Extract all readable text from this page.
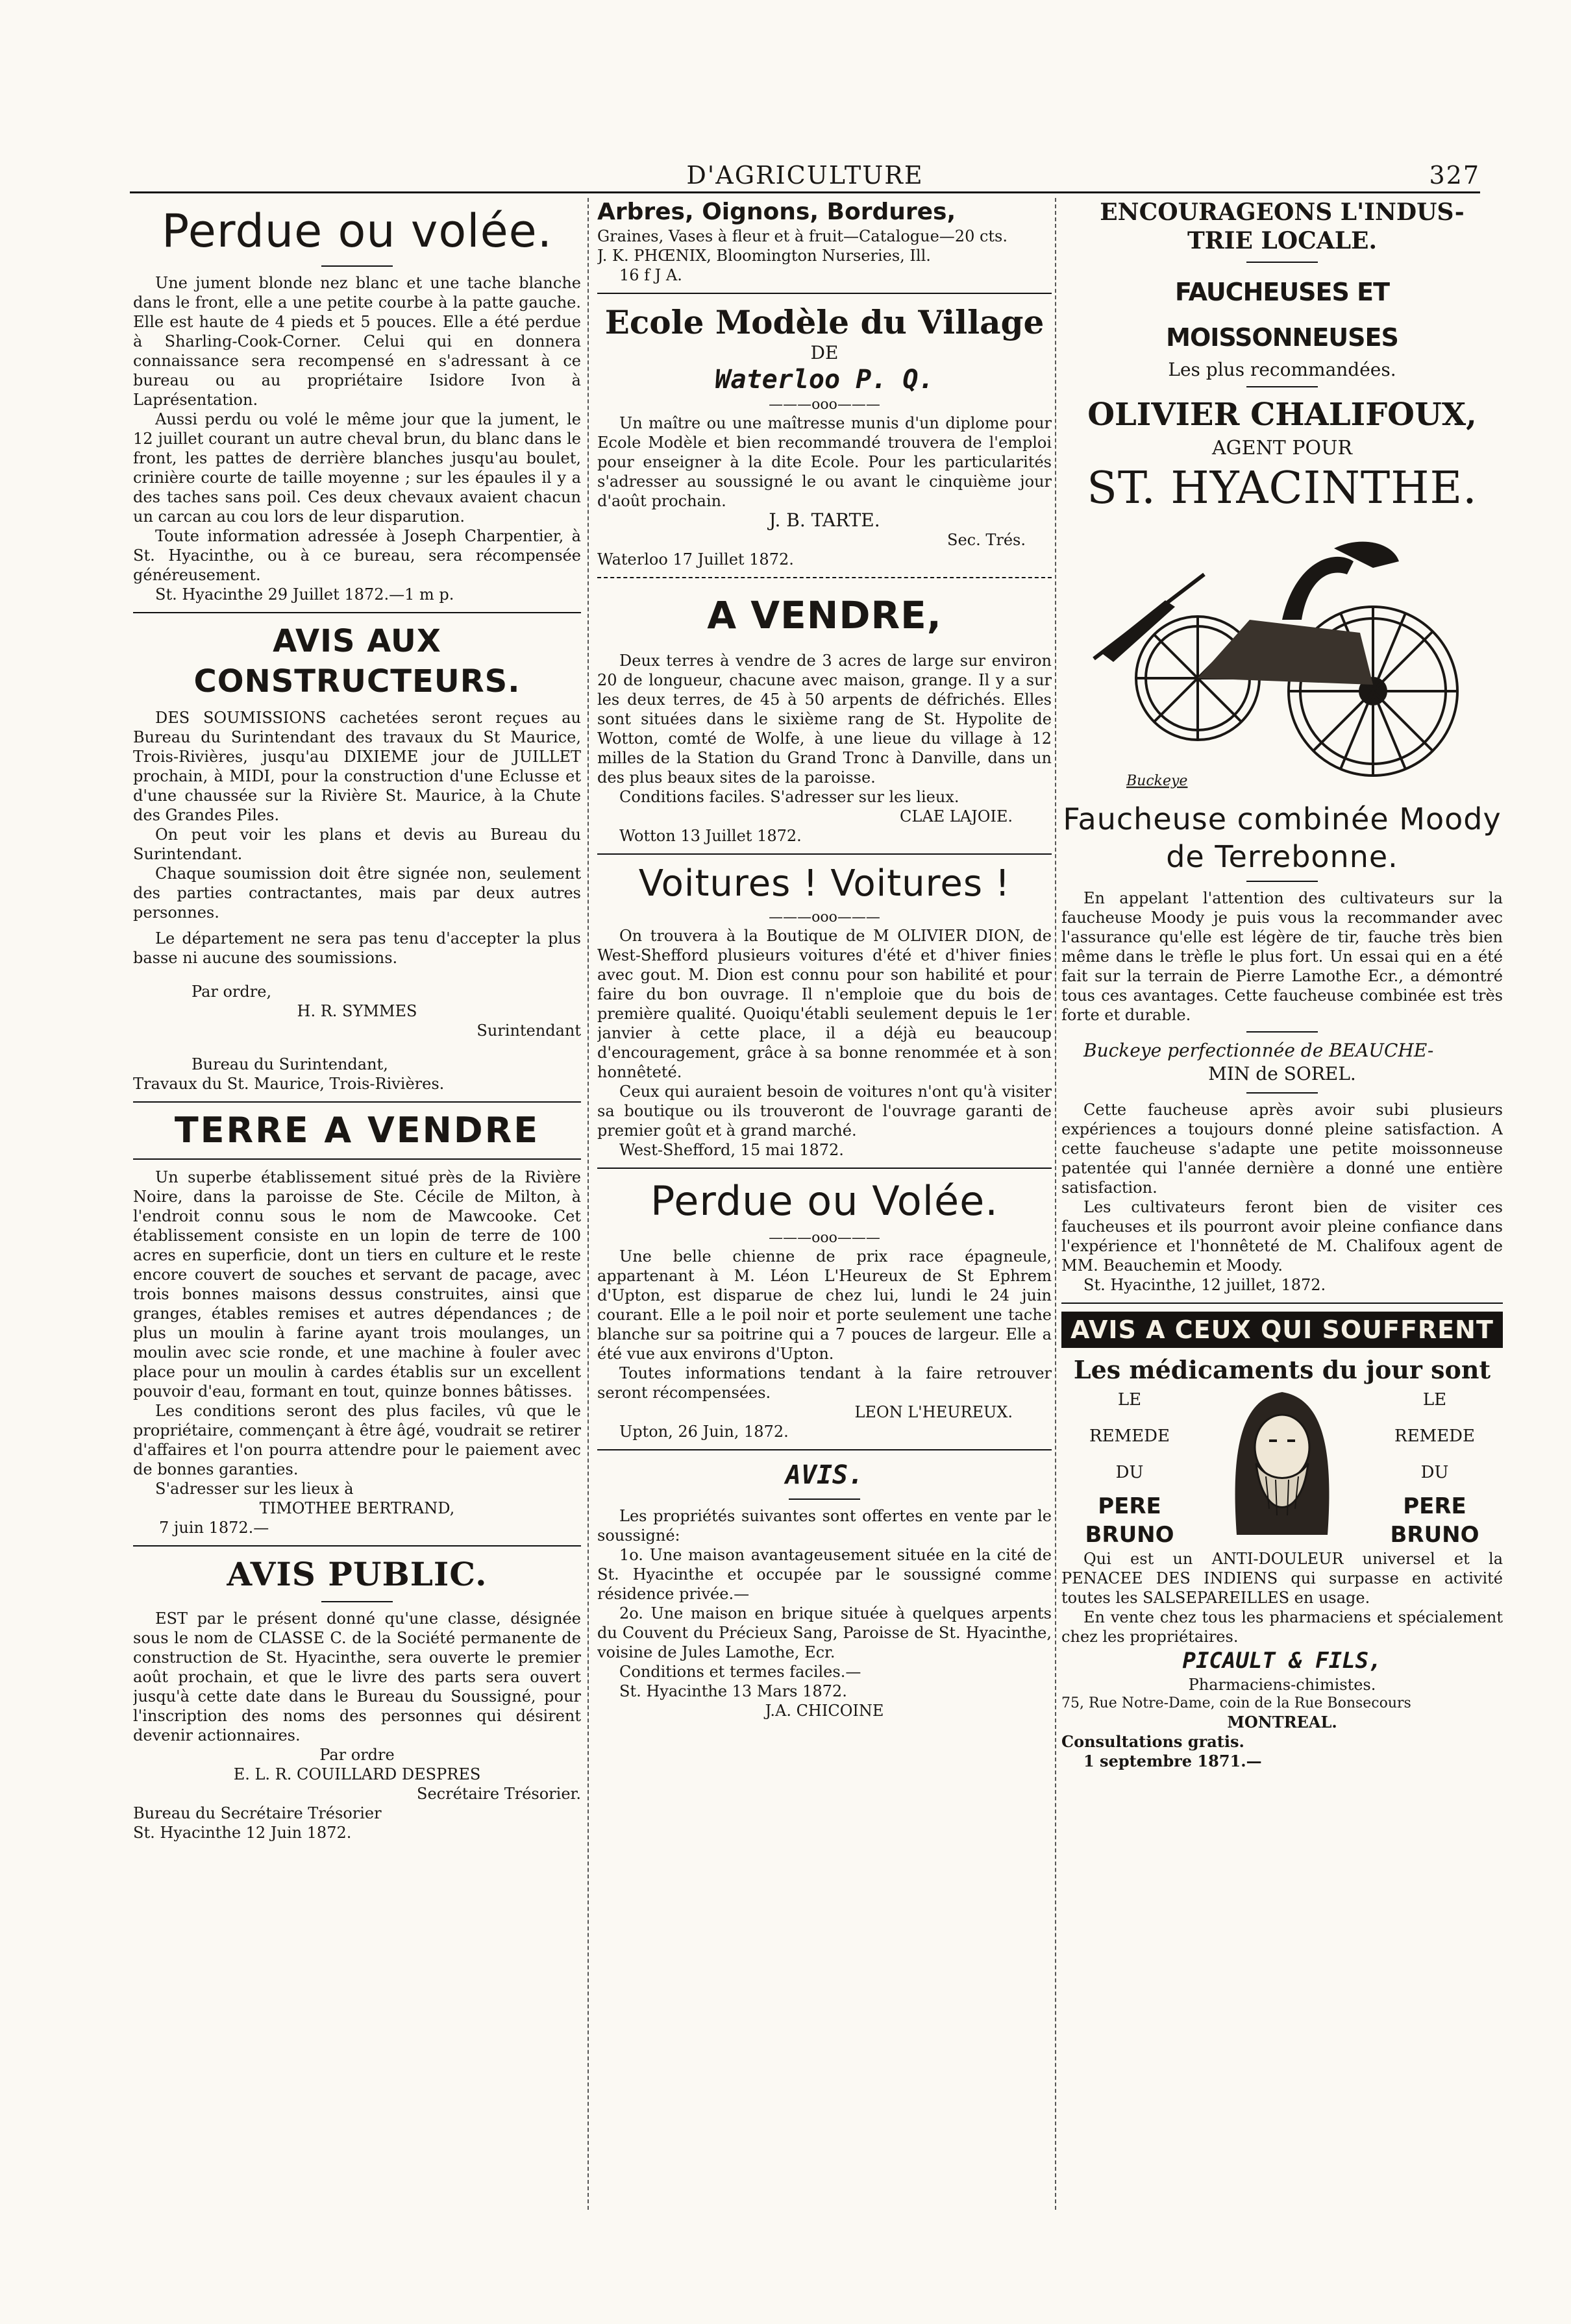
D'AGRICULTURE	327
Perdue ou volée.

Une jument blonde nez blanc et une tache blanche dans le front, elle a une petite courbe à la patte gauche. Elle est haute de 4 pieds et 5 pouces. Elle a été perdue à Sharling-Cook-Corner. Celui qui en donnera connaissance sera recompensé en s'adressant à ce bureau ou au propriétaire Isidore Ivon à Laprésentation.

Aussi perdu ou volé le même jour que la jument, le 12 juillet courant un autre cheval brun, du blanc dans le front, les pattes de derrière blanches jusqu'au boulet, crinière courte de taille moyenne ; sur les épaules il y a des taches sans poil. Ces deux chevaux avaient chacun un carcan au cou lors de leur disparution.

Toute information adressée à Joseph Charpentier, à St. Hyacinthe, ou à ce bureau, sera récompensée généreusement.

St. Hyacinthe 29 Juillet 1872.—1 m p.

AVIS AUX CONSTRUCTEURS.

DES SOUMISSIONS cachetées seront reçues au Bureau du Surintendant des travaux du St Maurice, Trois-Rivières, jusqu'au DIXIEME jour de JUILLET prochain, à MIDI, pour la construction d'une Eclusse et d'une chaussée sur la Rivière St. Maurice, à la Chute des Grandes Piles.

On peut voir les plans et devis au Bureau du Surintendant.

Chaque soumission doit être signée non, seulement des parties contractantes, mais par deux autres personnes.

Le département ne sera pas tenu d'accepter la plus basse ni aucune des soumissions.

Par ordre,

H. R. SYMMES

Surintendant

Bureau du Surintendant,

Travaux du St. Maurice, Trois-Rivières.

TERRE A VENDRE

Un superbe établissement situé près de la Rivière Noire, dans la paroisse de Ste. Cécile de Milton, à l'endroit connu sous le nom de Mawcooke. Cet établissement consiste en un lopin de terre de 100 acres en superficie, dont un tiers en culture et le reste encore couvert de souches et servant de pacage, avec trois bonnes maisons dessus construites, ainsi que granges, étables remises et autres dépendances ; de plus un moulin à farine ayant trois moulanges, un moulin avec scie ronde, et une machine à fouler avec place pour un moulin à cardes établis sur un excellent pouvoir d'eau, formant en tout, quinze bonnes bâtisses.

Les conditions seront des plus faciles, vû que le propriétaire, commençant à être âgé, voudrait se retirer d'affaires et l'on pourra attendre pour le paiement avec de bonnes garanties.

S'adresser sur les lieux à

TIMOTHEE BERTRAND,

7 juin 1872.—

AVIS PUBLIC.

EST par le présent donné qu'une classe, désignée sous le nom de CLASSE C. de la Société permanente de construction de St. Hyacinthe, sera ouverte le premier août prochain, et que le livre des parts sera ouvert jusqu'à cette date dans le Bureau du Soussigné, pour l'inscription des noms des personnes qui désirent devenir actionnaires.

Par ordre

E. L. R. COUILLARD DESPRES

Secrétaire Trésorier.

Bureau du Secrétaire Trésorier

St. Hyacinthe 12 Juin 1872.

Arbres, Oignons, Bordures,

Graines, Vases à fleur et à fruit—Catalogue—20 cts.

J. K. PHŒNIX, Bloomington Nurseries, Ill.

16 f J A.

Ecole Modèle du Village

DE

Waterloo P. Q.
———ooo———

Un maître ou une maîtresse munis d'un diplome pour Ecole Modèle et bien recommandé trouvera de l'emploi pour enseigner à la dite Ecole. Pour les particularités s'adresser au soussigné le ou avant le cinquième jour d'août prochain.

J. B. TARTE.

Sec. Trés.

Waterloo 17 Juillet 1872.

A VENDRE,

Deux terres à vendre de 3 acres de large sur environ 20 de longueur, chacune avec maison, grange. Il y a sur les deux terres, de 45 à 50 arpents de défrichés. Elles sont situées dans le sixième rang de St. Hypolite de Wotton, comté de Wolfe, à une lieue du village à 12 milles de la Station du Grand Tronc à Danville, dans un des plus beaux sites de la paroisse.

Conditions faciles. S'adresser sur les lieux.

CLAE LAJOIE.

Wotton 13 Juillet 1872.

Voitures ! Voitures !
———ooo———

On trouvera à la Boutique de M OLIVIER DION, de West-Shefford plusieurs voitures d'été et d'hiver finies avec gout. M. Dion est connu pour son habilité et pour faire du bon ouvrage. Il n'emploie que du bois de première qualité. Quoiqu'établi seulement depuis le 1er janvier à cette place, il a déjà eu beaucoup d'encouragement, grâce à sa bonne renommée et à son honnêteté.

Ceux qui auraient besoin de voitures n'ont qu'à visiter sa boutique ou ils trouveront de l'ouvrage garanti de premier goût et à grand marché.

West-Shefford, 15 mai 1872.

Perdue ou Volée.
———ooo———

Une belle chienne de prix race épagneule, appartenant à M. Léon L'Heureux de St Ephrem d'Upton, est disparue de chez lui, lundi le 24 juin courant. Elle a le poil noir et porte seulement une tache blanche sur sa poitrine qui a 7 pouces de largeur. Elle a été vue aux environs d'Upton.

Toutes informations tendant à la faire retrouver seront récompensées.

LEON L'HEUREUX.

Upton, 26 Juin, 1872.

AVIS.

Les propriétés suivantes sont offertes en vente par le soussigné:

1o. Une maison avantageusement située en la cité de St. Hyacinthe et occupée par le soussigné comme résidence privée.—

2o. Une maison en brique située à quelques arpents du Couvent du Précieux Sang, Paroisse de St. Hyacinthe, voisine de Jules Lamothe, Ecr.

Conditions et termes faciles.—

St. Hyacinthe 13 Mars 1872.

J.A. CHICOINE

ENCOURAGEONS L'INDUS-
TRIE LOCALE.
FAUCHEUSES ET MOISSONNEUSES

Les plus recommandées.

OLIVIER CHALIFOUX,

AGENT POUR

ST. HYACINTHE.
Buckeye
Faucheuse combinée Moody
de Terrebonne.

En appelant l'attention des cultivateurs sur la faucheuse Moody je puis vous la recommander avec l'assurance qu'elle est légère de tir, fauche très bien même dans le trèfle le plus fort. Un essai qui en a été fait sur la terrain de Pierre Lamothe Ecr., a démontré tous ces avantages. Cette faucheuse combinée est très forte et durable.

Buckeye perfectionnée de BEAUCHE-

MIN de SOREL.

Cette faucheuse après avoir subi plusieurs expériences a toujours donné pleine satisfaction. A cette faucheuse s'adapte une petite moissonneuse patentée qui l'année dernière a donné une entière satisfaction.

Les cultivateurs feront bien de visiter ces faucheuses et ils pourront avoir pleine confiance dans l'expérience et l'honnêteté de M. Chalifoux agent de MM. Beauchemin et Moody.

St. Hyacinthe, 12 juillet, 1872.

AVIS A CEUX QUI SOUFFRENT
Les médicaments du jour sont
LE
REMEDE
DU
PERE BRUNO
LE
REMEDE
DU
PERE BRUNO

Qui est un ANTI-DOULEUR universel et la PENACEE DES INDIENS qui surpasse en activité toutes les SALSEPAREILLES en usage.

En vente chez tous les pharmaciens et spécialement chez les propriétaires.

PICAULT & FILS,

Pharmaciens-chimistes.

75, Rue Notre-Dame, coin de la Rue Bonsecours

MONTREAL.

Consultations gratis.

1 septembre 1871.—
